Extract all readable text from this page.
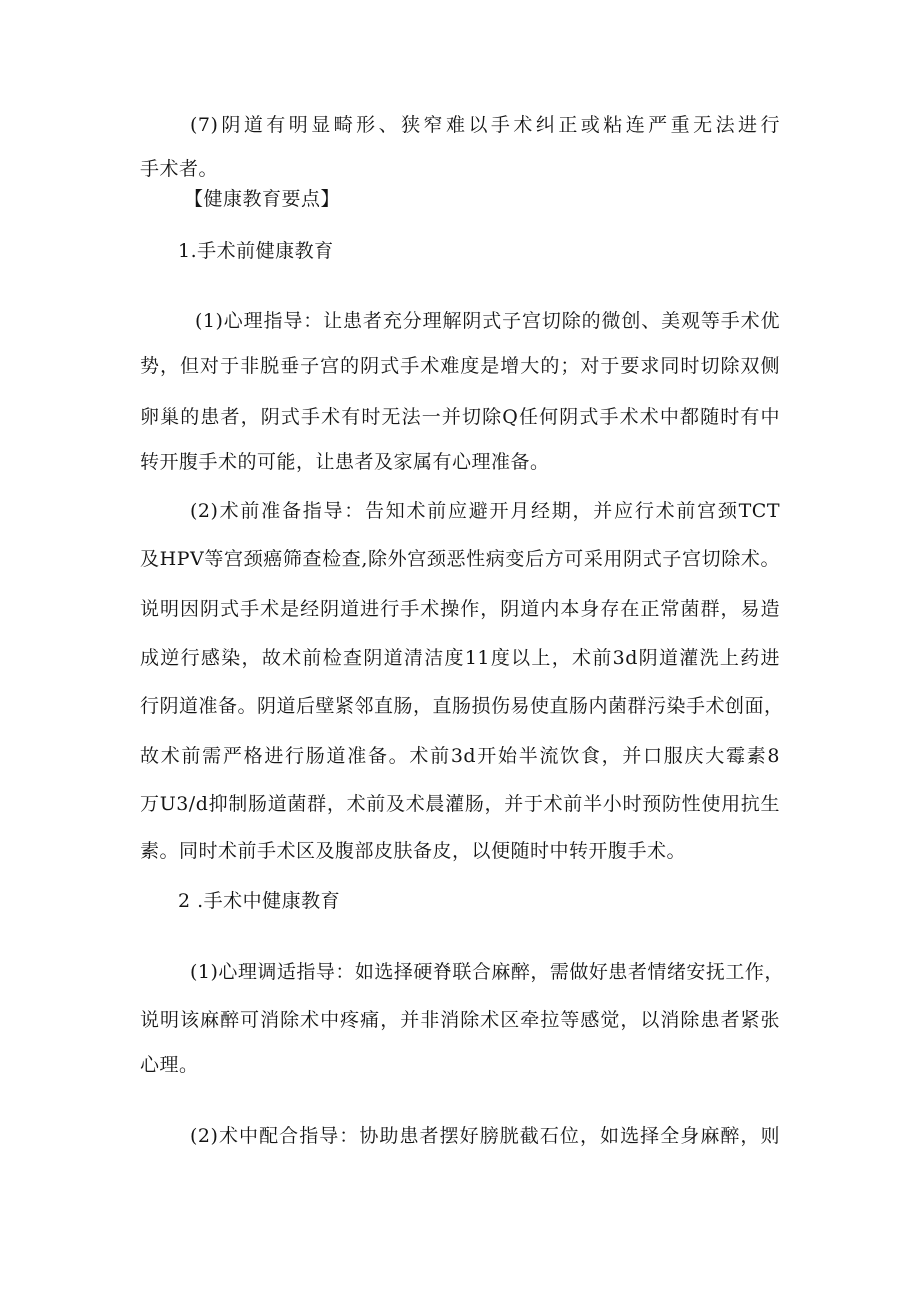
(7)阴道有明显畸形、狭窄难以手术纠正或粘连严重无法进行

手术者。

【健康教育要点】

1.手术前健康教育

(1)心理指导：让患者充分理解阴式子宫切除的微创、美观等手术优

势，但对于非脱垂子宫的阴式手术难度是增大的；对于要求同时切除双侧

卵巢的患者，阴式手术有时无法一并切除Q任何阴式手术术中都随时有中

转开腹手术的可能，让患者及家属有心理准备。

(2)术前准备指导：告知术前应避开月经期，并应行术前宫颈TCT

及HPV等宫颈癌筛查检查,除外宫颈恶性病变后方可采用阴式子宫切除术。

说明因阴式手术是经阴道进行手术操作，阴道内本身存在正常菌群，易造

成逆行感染，故术前检查阴道清洁度11度以上，术前3d阴道灌洗上药进

行阴道准备。阴道后壁紧邻直肠，直肠损伤易使直肠内菌群污染手术创面，

故术前需严格进行肠道准备。术前3d开始半流饮食，并口服庆大霉素8

万U3∕d抑制肠道菌群，术前及术晨灌肠，并于术前半小时预防性使用抗生

素。同时术前手术区及腹部皮肤备皮，以便随时中转开腹手术。

2 .手术中健康教育

(1)心理调适指导：如选择硬脊联合麻醉，需做好患者情绪安抚工作，

说明该麻醉可消除术中疼痛，并非消除术区牵拉等感觉，以消除患者紧张

心理。

(2)术中配合指导：协助患者摆好膀胱截石位，如选择全身麻醉，则
